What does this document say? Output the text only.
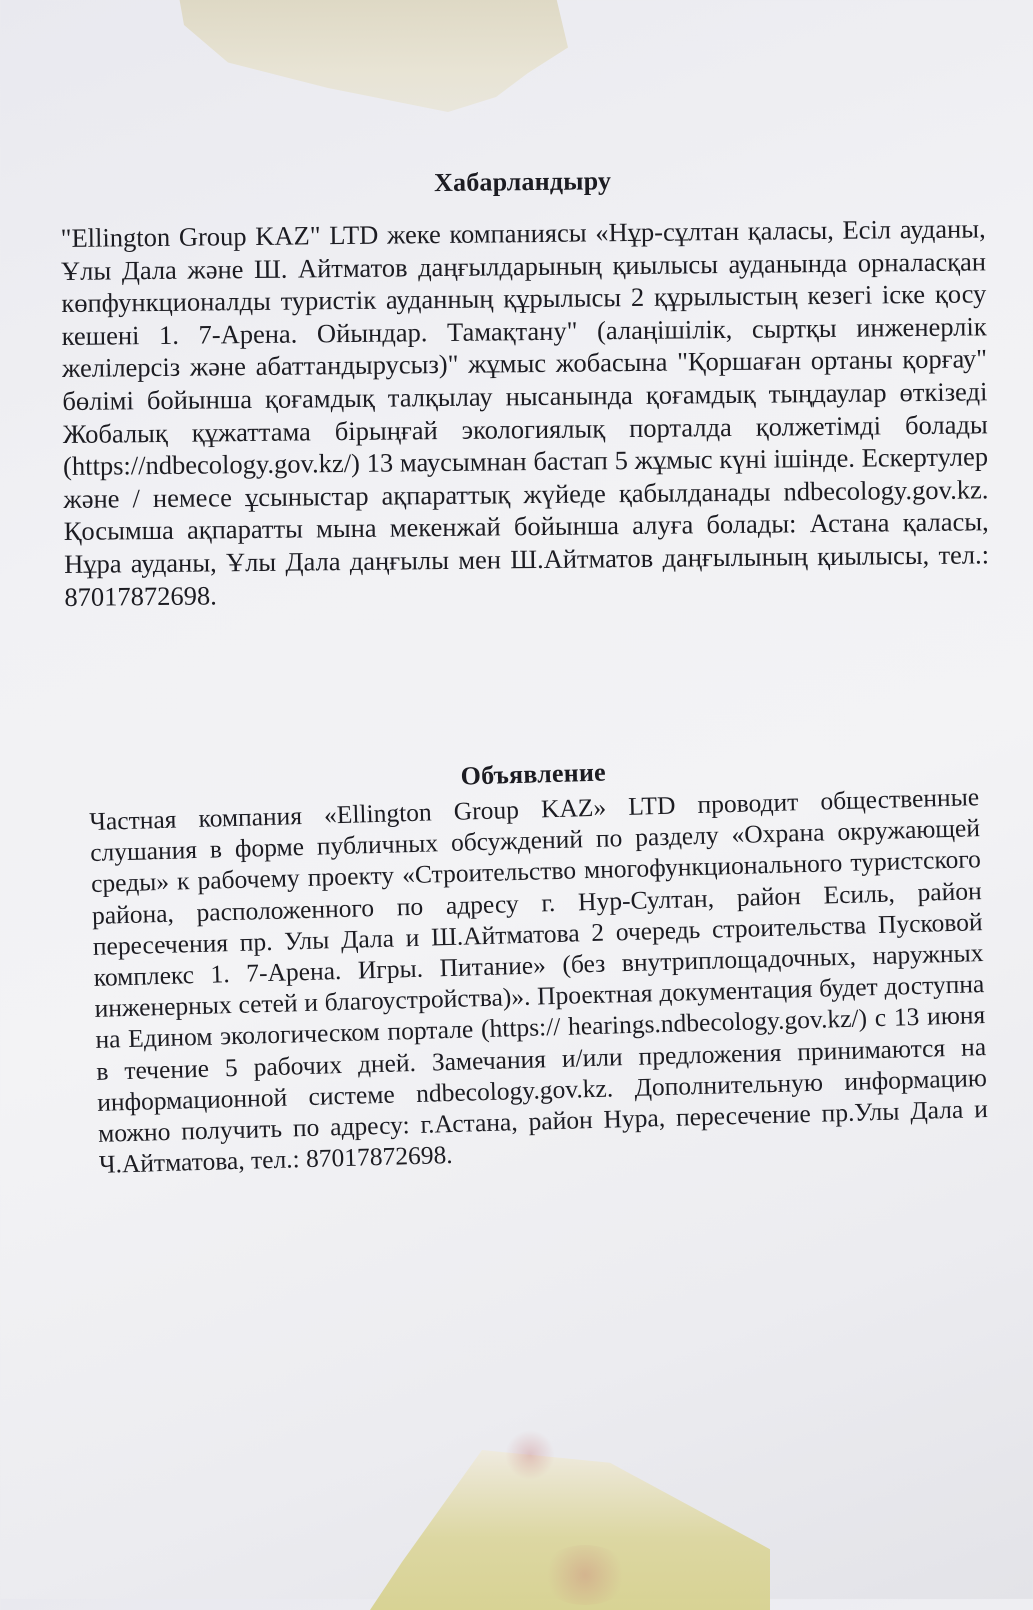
Хабарландыру

"Ellington Group KAZ" LTD жеке компаниясы «Нұр-сұлтан қаласы, Есіл ауданы, Ұлы Дала және Ш. Айтматов даңғылдарының қиылысы ауданында орналасқан көпфункционалды туристік ауданның құрылысы 2 құрылыстың кезегі іске қосу кешені 1. 7-Арена. Ойындар. Тамақтану" (алаңішілік, сыртқы инженерлік желілерсіз және абаттандырусыз)" жұмыс жобасына "Қоршаған ортаны қорғау" бөлімі бойынша қоғамдық талқылау нысанында қоғамдық тыңдаулар өткізеді Жобалық құжаттама бірыңғай экологиялық порталда қолжетімді болады (https://ndbecology.gov.kz/) 13 маусымнан бастап 5 жұмыс күні ішінде. Ескертулер және / немесе ұсыныстар ақпараттық жүйеде қабылданады ndbecology.gov.kz. Қосымша ақпаратты мына мекенжай бойынша алуға болады: Астана қаласы, Нұра ауданы, Ұлы Дала даңғылы мен Ш.Айтматов даңғылының қиылысы, тел.: 87017872698.

Объявление

Частная компания «Ellington Group KAZ» LTD проводит общественные слушания в форме публичных обсуждений по разделу «Охрана окружающей среды» к рабочему проекту «Строительство многофункционального туристского района, расположенного по адресу г. Нур-Султан, район Есиль, район пересечения пр. Улы Дала и Ш.Айтматова 2 очередь строительства Пусковой комплекс 1. 7-Арена. Игры. Питание» (без внутриплощадочных, наружных инженерных сетей и благоустройства)». Проектная документация будет доступна на Едином экологическом портале (https:// hearings.ndbecology.gov.kz/) с 13 июня в течение 5 рабочих дней. Замечания и/или предложения принимаются на информационной системе ndbecology.gov.kz. Дополнительную информацию можно получить по адресу: г.Астана, район Нура, пересечение пр.Улы Дала и Ч.Айтматова, тел.: 87017872698.
